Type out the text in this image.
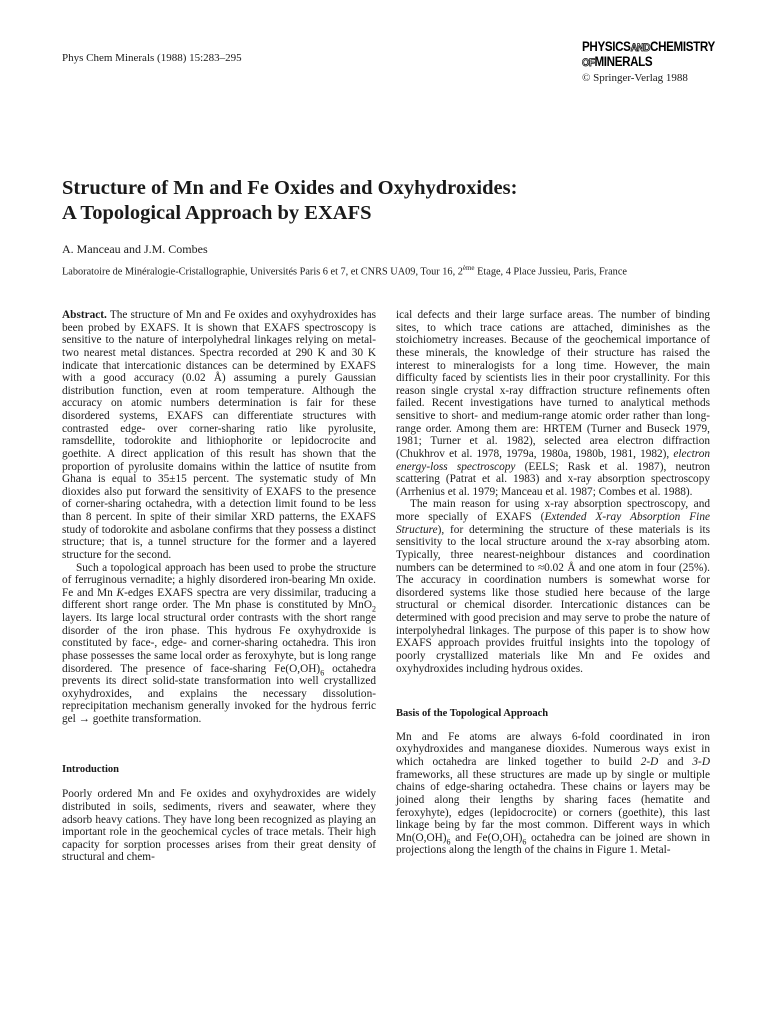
Phys Chem Minerals (1988) 15:283–295
PHYSICSANDCHEMISTRY
OFMINERALS
© Springer-Verlag 1988
Structure of Mn and Fe Oxides and Oxyhydroxides:
A Topological Approach by EXAFS
A. Manceau and J.M. Combes
Laboratoire de Minéralogie-Cristallographie, Universités Paris 6 et 7, et CNRS UA09, Tour 16, 2ème Etage, 4 Place Jussieu, Paris, France

Abstract. The structure of Mn and Fe oxides and oxyhydroxides has been probed by EXAFS. It is shown that EXAFS spectroscopy is sensitive to the nature of interpolyhedral linkages relying on metal-two nearest metal distances. Spectra recorded at 290 K and 30 K indicate that intercationic distances can be determined by EXAFS with a good accuracy (0.02 Å) assuming a purely Gaussian distribution function, even at room temperature. Although the accuracy on atomic numbers determination is fair for these disordered systems, EXAFS can differentiate structures with contrasted edge- over corner-sharing ratio like pyrolusite, ramsdellite, todorokite and lithiophorite or lepidocrocite and goethite. A direct application of this result has shown that the proportion of pyrolusite domains within the lattice of nsutite from Ghana is equal to 35±15 percent. The systematic study of Mn dioxides also put forward the sensitivity of EXAFS to the presence of corner-sharing octahedra, with a detection limit found to be less than 8 percent. In spite of their similar XRD patterns, the EXAFS study of todorokite and asbolane confirms that they possess a distinct structure; that is, a tunnel structure for the former and a layered structure for the second.

Such a topological approach has been used to probe the structure of ferruginous vernadite; a highly disordered iron-bearing Mn oxide. Fe and Mn K-edges EXAFS spectra are very dissimilar, traducing a different short range order. The Mn phase is constituted by MnO$_2$ layers. Its large local structural order contrasts with the short range disorder of the iron phase. This hydrous Fe oxyhydroxide is constituted by face-, edge- and corner-sharing octahedra. This iron phase possesses the same local order as feroxyhyte, but is long range disordered. The presence of face-sharing $Fe(O,OH)_6$ octahedra prevents its direct solid-state transformation into well crystallized oxyhydroxides, and explains the necessary dissolution-reprecipitation mechanism generally invoked for the hydrous ferric gel → goethite transformation.

Introduction

Poorly ordered Mn and Fe oxides and oxyhydroxides are widely distributed in soils, sediments, rivers and seawater, where they adsorb heavy cations. They have long been recognized as playing an important role in the geochemical cycles of trace metals. Their high capacity for sorption processes arises from their great density of structural and chem-

ical defects and their large surface areas. The number of binding sites, to which trace cations are attached, diminishes as the stoichiometry increases. Because of the geochemical importance of these minerals, the knowledge of their structure has raised the interest to mineralogists for a long time. However, the main difficulty faced by scientists lies in their poor crystallinity. For this reason single crystal x-ray diffraction structure refinements often failed. Recent investigations have turned to analytical methods sensitive to short- and medium-range atomic order rather than long-range order. Among them are: HRTEM (Turner and Buseck 1979, 1981; Turner et al. 1982), selected area electron diffraction (Chukhrov et al. 1978, 1979a, 1980a, 1980b, 1981, 1982), electron energy-loss spectroscopy (EELS; Rask et al. 1987), neutron scattering (Patrat et al. 1983) and x-ray absorption spectroscopy (Arrhenius et al. 1979; Manceau et al. 1987; Combes et al. 1988).

The main reason for using x-ray absorption spectroscopy, and more specially of EXAFS (Extended X-ray Absorption Fine Structure), for determining the structure of these materials is its sensitivity to the local structure around the x-ray absorbing atom. Typically, three nearest-neighbour distances and coordination numbers can be determined to ≈0.02 Å and one atom in four (25%). The accuracy in coordination numbers is somewhat worse for disordered systems like those studied here because of the large structural or chemical disorder. Intercationic distances can be determined with good precision and may serve to probe the nature of interpolyhedral linkages. The purpose of this paper is to show how EXAFS approach provides fruitful insights into the topology of poorly crystallized materials like Mn and Fe oxides and oxyhydroxides including hydrous oxides.

Basis of the Topological Approach

Mn and Fe atoms are always 6-fold coordinated in iron oxyhydroxides and manganese dioxides. Numerous ways exist in which octahedra are linked together to build 2-D and 3-D frameworks, all these structures are made up by single or multiple chains of edge-sharing octahedra. These chains or layers may be joined along their lengths by sharing faces (hematite and feroxyhyte), edges (lepidocrocite) or corners (goethite), this last linkage being by far the most common. Different ways in which $Mn(O,OH)_6$ and $Fe(O,OH)_6$ octahedra can be joined are shown in projections along the length of the chains in Figure 1. Metal-
